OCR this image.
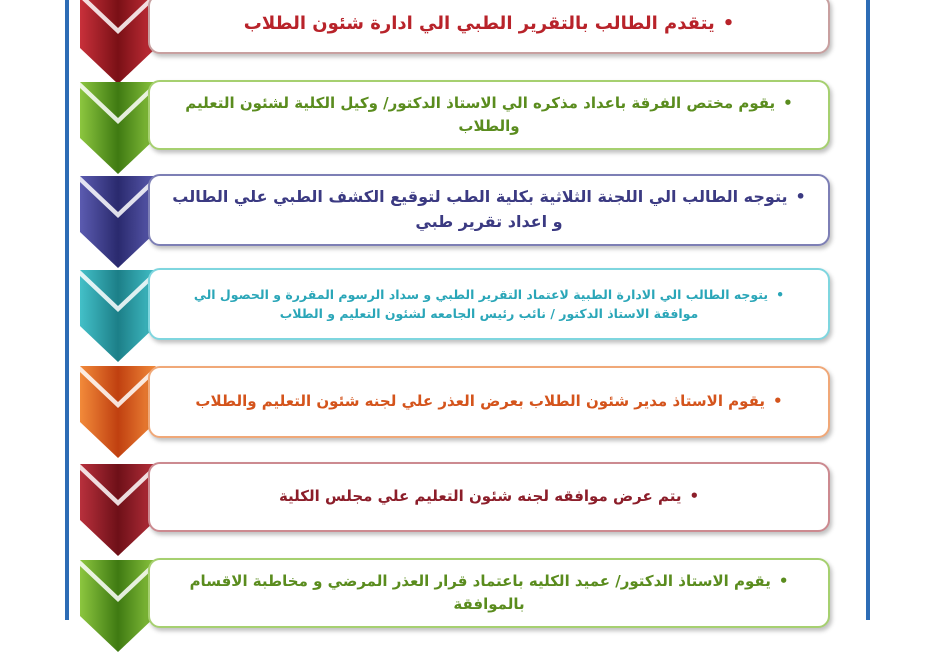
•يتقدم الطالب بالتقرير الطبي الي ادارة شئون الطلاب

•يقوم مختص الفرقة باعداد مذكره الي الاستاذ الدكتور/ وكيل الكلية لشئون التعليم والطلاب

•يتوجه الطالب الي اللجنة الثلاثية بكلية الطب لتوقيع الكشف الطبي علي الطالب و اعداد تقرير طبي

•يتوجه الطالب الي الادارة الطبية لاعتماد التقرير الطبي و سداد الرسوم المقررة و الحصول الي موافقة الاستاذ الدكتور / نائب رئيس الجامعه لشئون التعليم و الطلاب

•يقوم الاستاذ مدير شئون الطلاب بعرض العذر علي لجنه شئون التعليم والطلاب

•يتم عرض موافقه لجنه شئون التعليم علي مجلس الكلية

•يقوم الاستاذ الدكتور/ عميد الكليه باعتماد قرار العذر المرضي و مخاطبة الاقسام بالموافقة
